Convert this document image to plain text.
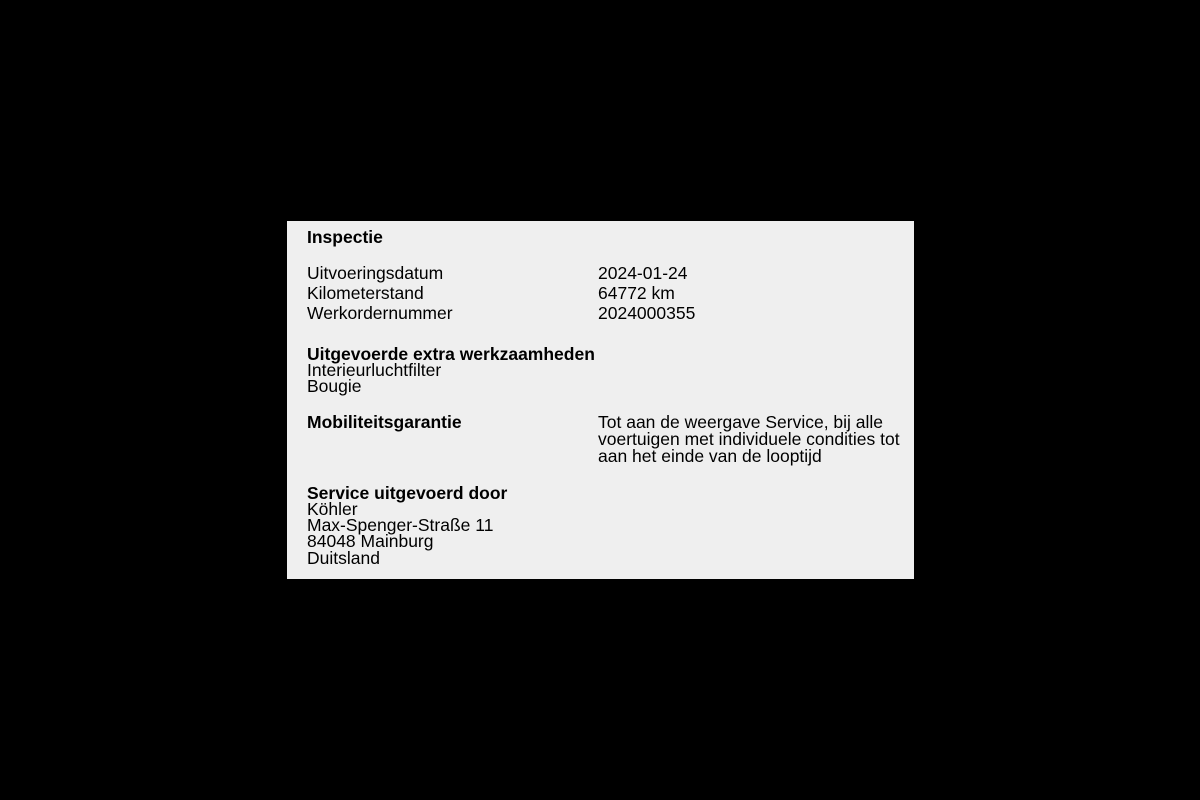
Inspectie
Uitvoeringsdatum	2024-01-24
Kilometerstand	64772 km
Werkordernummer	2024000355
Uitgevoerde extra werkzaamheden
Interieurluchtfilter
Bougie
Mobiliteitsgarantie	Tot aan de weergave Service, bij alle voertuigen met individuele condities tot aan het einde van de looptijd
Service uitgevoerd door
Köhler
Max-Spenger-Straße 11
84048 Mainburg
Duitsland
